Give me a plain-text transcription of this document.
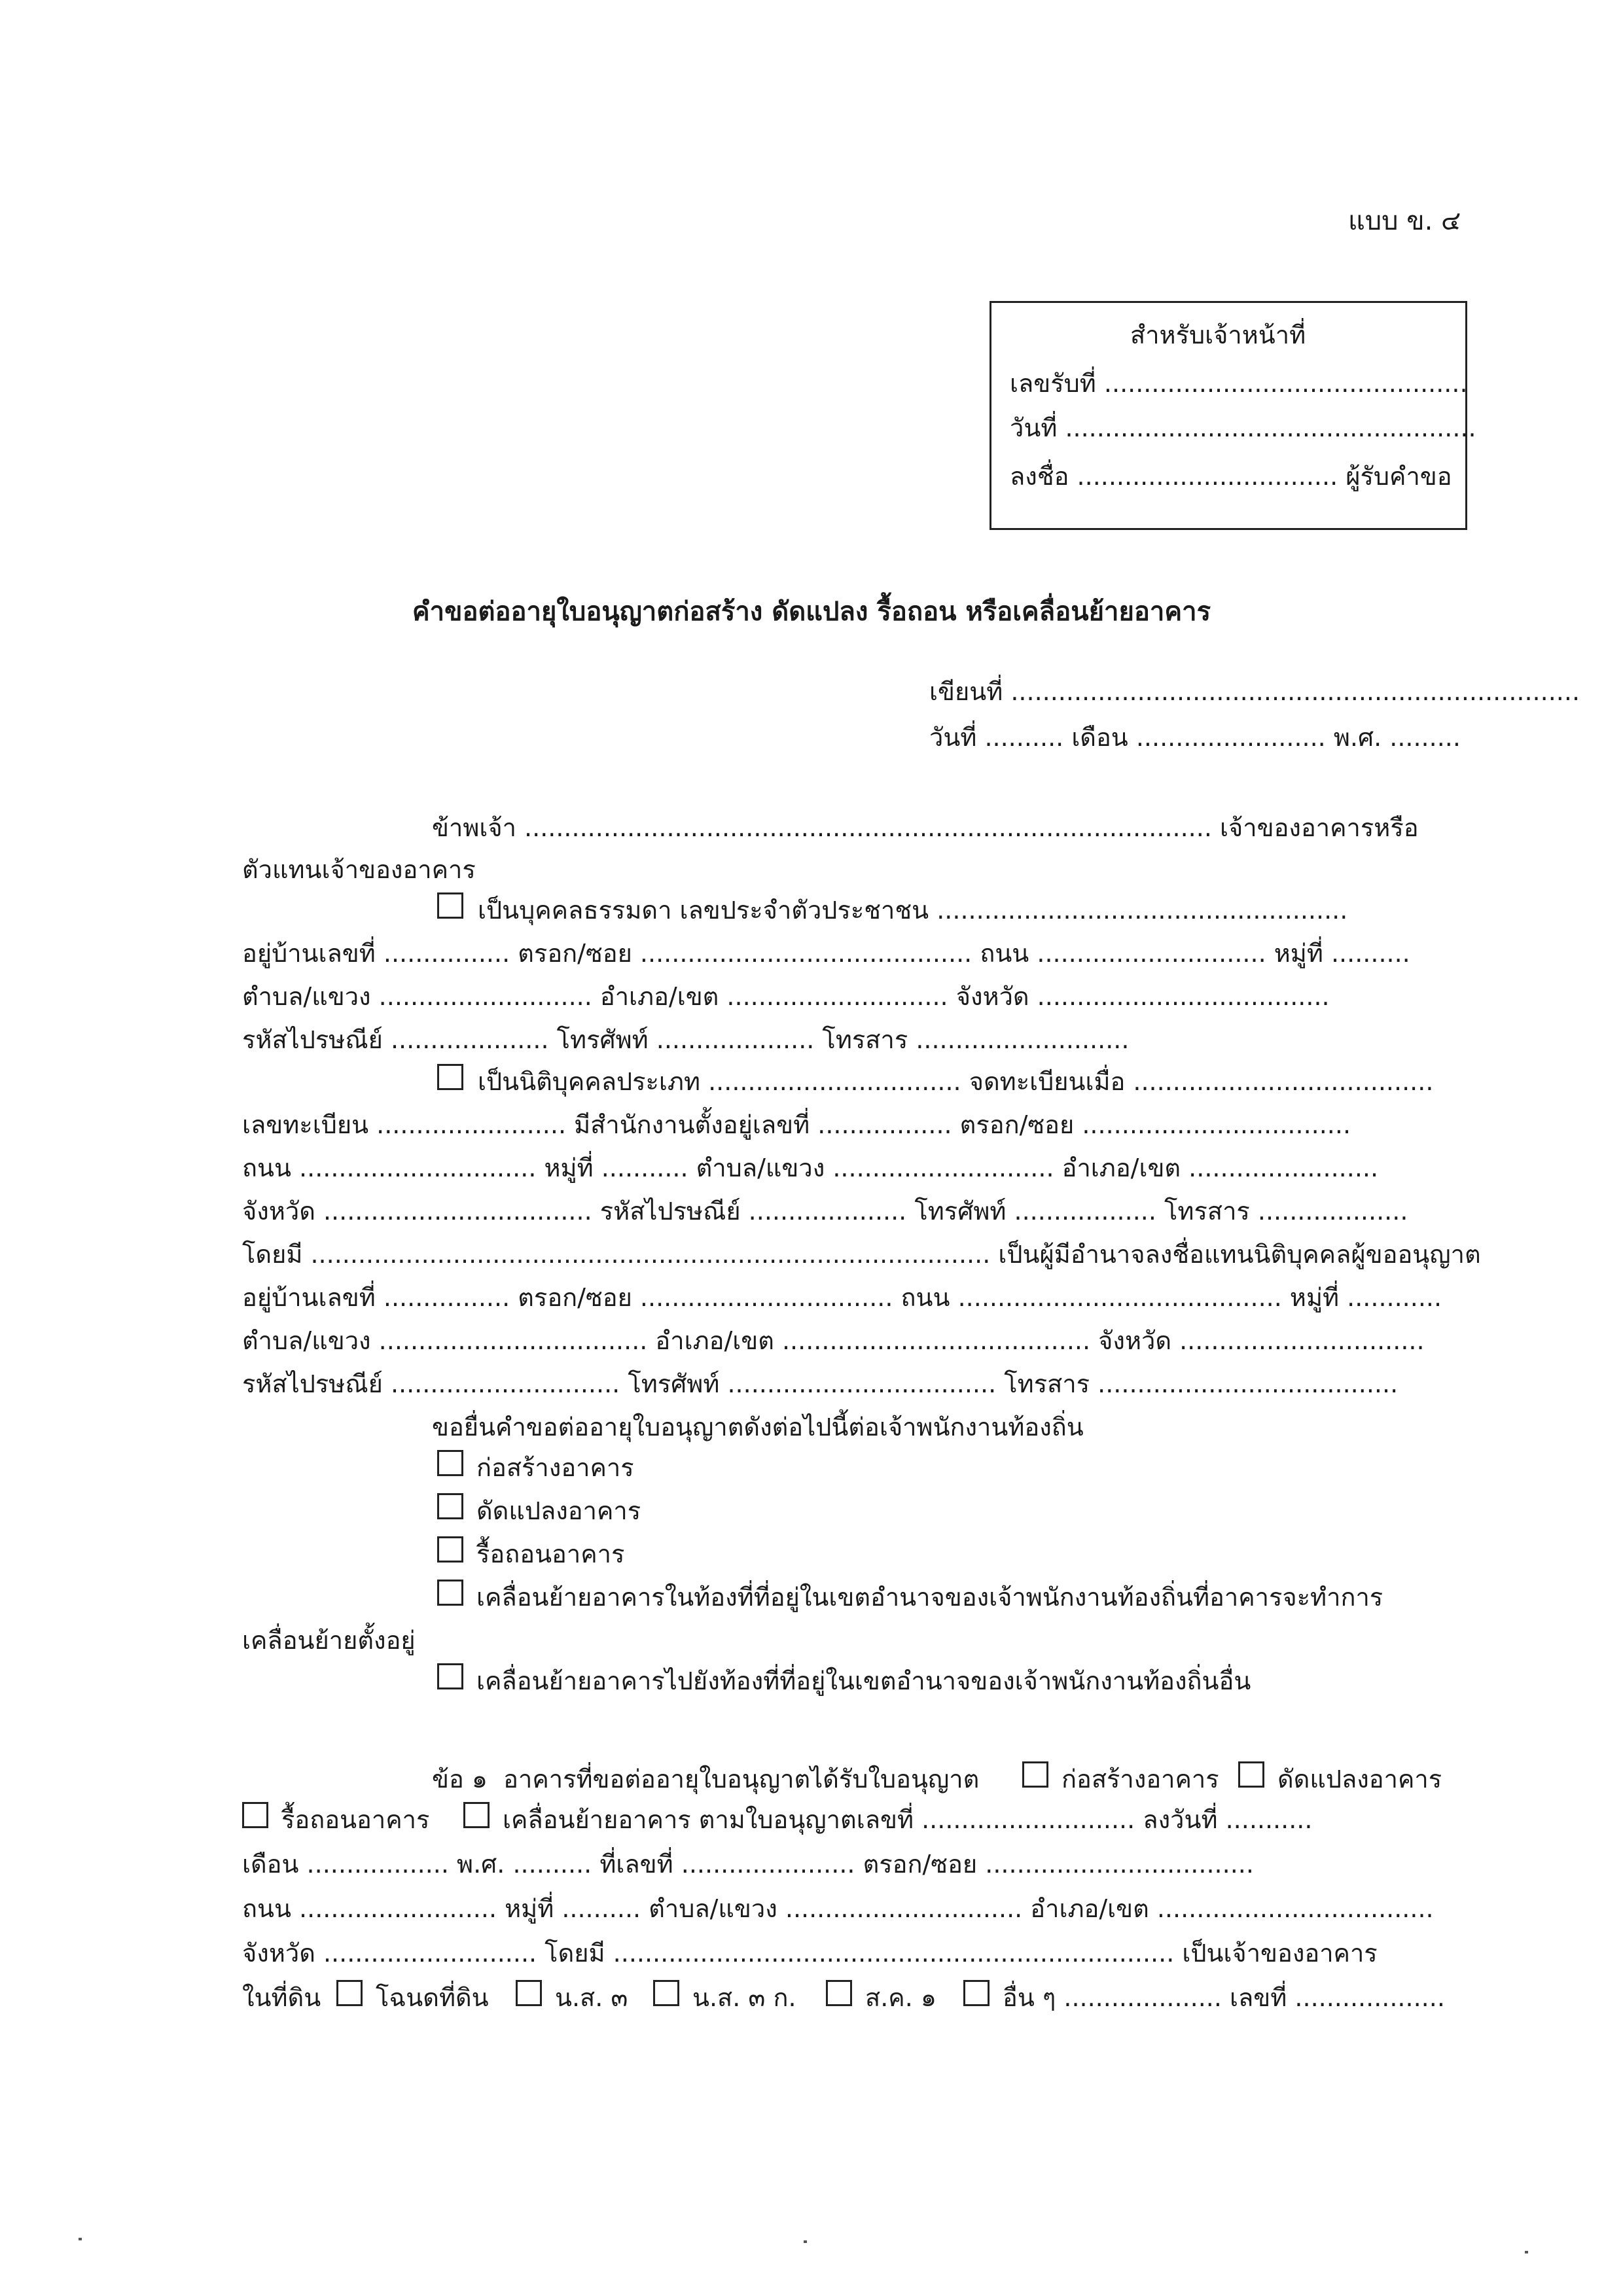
แบบ ข. ๔
สำหรับเจ้าหน้าที่
เลขรับที่ ..............................................
วันที่ ....................................................
ลงชื่อ ................................. ผู้รับคำขอ
คำขอต่ออายุใบอนุญาตก่อสร้าง ดัดแปลง รื้อถอน หรือเคลื่อนย้ายอาคาร
เขียนที่ ........................................................................
วันที่ .......... เดือน ........................ พ.ศ. .........
ข้าพเจ้า ....................................................................................... เจ้าของอาคารหรือ
ตัวแทนเจ้าของอาคาร
เป็นบุคคลธรรมดา เลขประจำตัวประชาชน ....................................................
อยู่บ้านเลขที่ ................ ตรอก/ซอย .......................................... ถนน ............................. หมู่ที่ ..........
ตำบล/แขวง ........................... อำเภอ/เขต ............................ จังหวัด .....................................
รหัสไปรษณีย์ .................... โทรศัพท์ .................... โทรสาร ...........................
เป็นนิติบุคคลประเภท ................................ จดทะเบียนเมื่อ ......................................
เลขทะเบียน ........................ มีสำนักงานตั้งอยู่เลขที่ ................. ตรอก/ซอย ..................................
ถนน .............................. หมู่ที่ ........... ตำบล/แขวง ............................ อำเภอ/เขต ........................
จังหวัด .................................. รหัสไปรษณีย์ .................... โทรศัพท์ .................. โทรสาร ...................
โดยมี ...................................................................................... เป็นผู้มีอำนาจลงชื่อแทนนิติบุคคลผู้ขออนุญาต
อยู่บ้านเลขที่ ................ ตรอก/ซอย ................................ ถนน ......................................... หมู่ที่ ............
ตำบล/แขวง .................................. อำเภอ/เขต ....................................... จังหวัด ...............................
รหัสไปรษณีย์ ............................. โทรศัพท์ .................................. โทรสาร ......................................
ขอยื่นคำขอต่ออายุใบอนุญาตดังต่อไปนี้ต่อเจ้าพนักงานท้องถิ่น
ก่อสร้างอาคาร
ดัดแปลงอาคาร
รื้อถอนอาคาร
เคลื่อนย้ายอาคารในท้องที่ที่อยู่ในเขตอำนาจของเจ้าพนักงานท้องถิ่นที่อาคารจะทำการ
เคลื่อนย้ายตั้งอยู่
เคลื่อนย้ายอาคารไปยังท้องที่ที่อยู่ในเขตอำนาจของเจ้าพนักงานท้องถิ่นอื่น
ข้อ ๑  อาคารที่ขอต่ออายุใบอนุญาตได้รับใบอนุญาต	ก่อสร้างอาคาร ดัดแปลงอาคาร
รื้อถอนอาคาร	เคลื่อนย้ายอาคาร ตามใบอนุญาตเลขที่ ........................... ลงวันที่ ...........
เดือน .................. พ.ศ. .......... ที่เลขที่ ...................... ตรอก/ซอย ..................................
ถนน ......................... หมู่ที่ .......... ตำบล/แขวง .............................. อำเภอ/เขต ...................................
จังหวัด ........................... โดยมี ....................................................................... เป็นเจ้าของอาคาร
ในที่ดิน โฉนดที่ดิน	น.ส. ๓	น.ส. ๓ ก.	ส.ค. ๑	อื่น ๆ .................... เลขที่ ...................
